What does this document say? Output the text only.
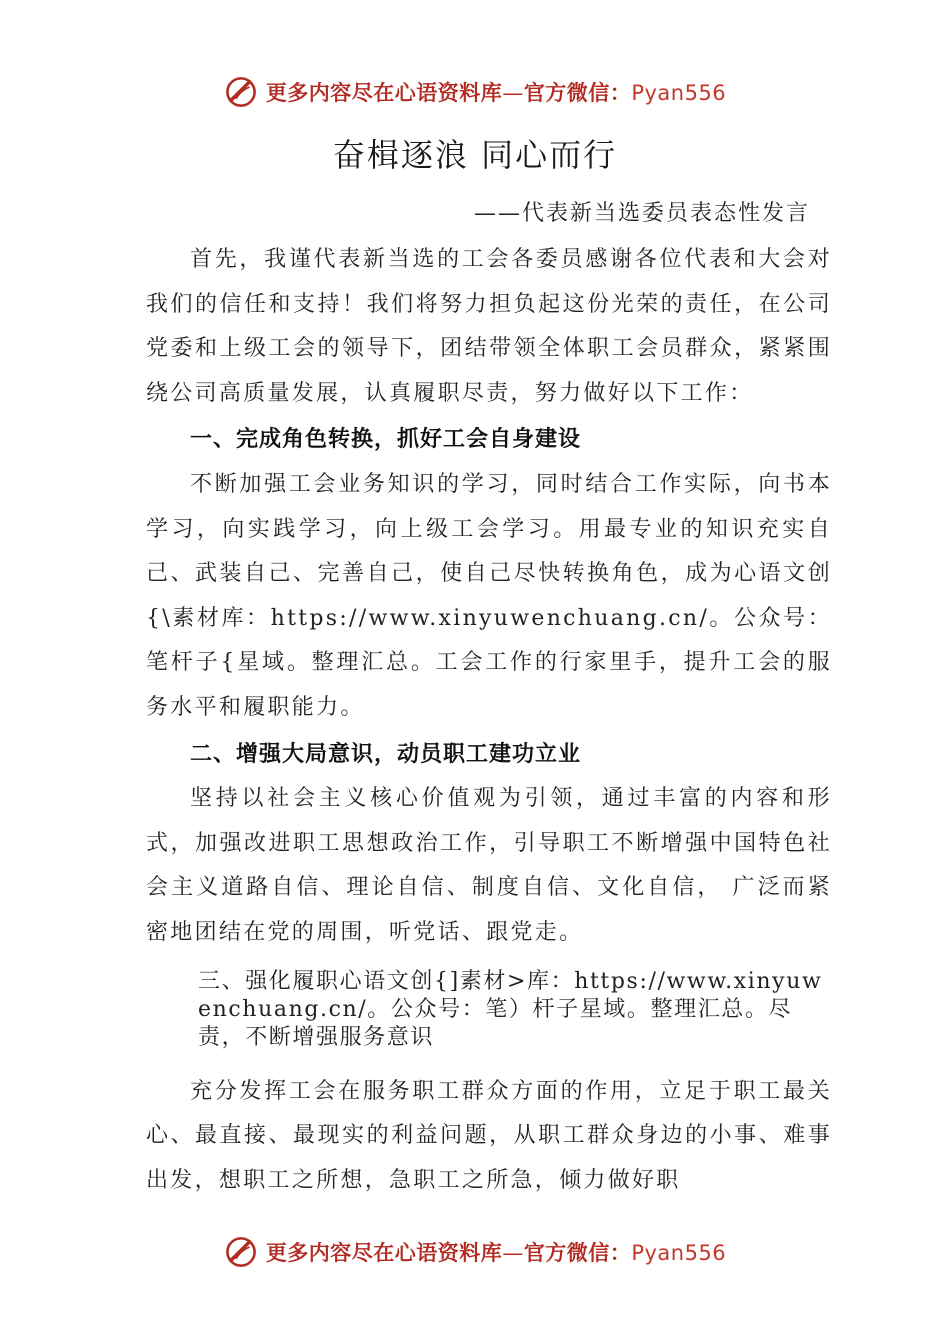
更多内容尽在心语资料库—官方微信：Pyan556
奋楫逐浪 同心而行
——代表新当选委员表态性发言

首先，我谨代表新当选的工会各委员感谢各位代表和大会对我们的信任和支持！我们将努力担负起这份光荣的责任，在公司党委和上级工会的领导下，团结带领全体职工会员群众，紧紧围绕公司高质量发展，认真履职尽责，努力做好以下工作：

一、完成角色转换，抓好工会自身建设

不断加强工会业务知识的学习，同时结合工作实际，向书本学习，向实践学习，向上级工会学习。用最专业的知识充实自己、武装自己、完善自己，使自己尽快转换角色，成为心语文创{\素材库：https://www.xinyuwenchuang.cn/。公众号：笔杆子{星域。整理汇总。工会工作的行家里手，提升工会的服务水平和履职能力。

二、增强大局意识，动员职工建功立业

坚持以社会主义核心价值观为引领，通过丰富的内容和形式，加强改进职工思想政治工作，引导职工不断增强中国特色社会主义道路自信、理论自信、制度自信、文化自信， 广泛而紧密地团结在党的周围，听党话、跟党走。

三、强化履职心语文创{]素材>库：https://www.xinyuwenchuang.cn/。公众号：笔）杆子星域。整理汇总。尽责，不断增强服务意识

充分发挥工会在服务职工群众方面的作用，立足于职工最关心、最直接、最现实的利益问题，从职工群众身边的小事、难事出发，想职工之所想，急职工之所急，倾力做好职

更多内容尽在心语资料库—官方微信：Pyan556
